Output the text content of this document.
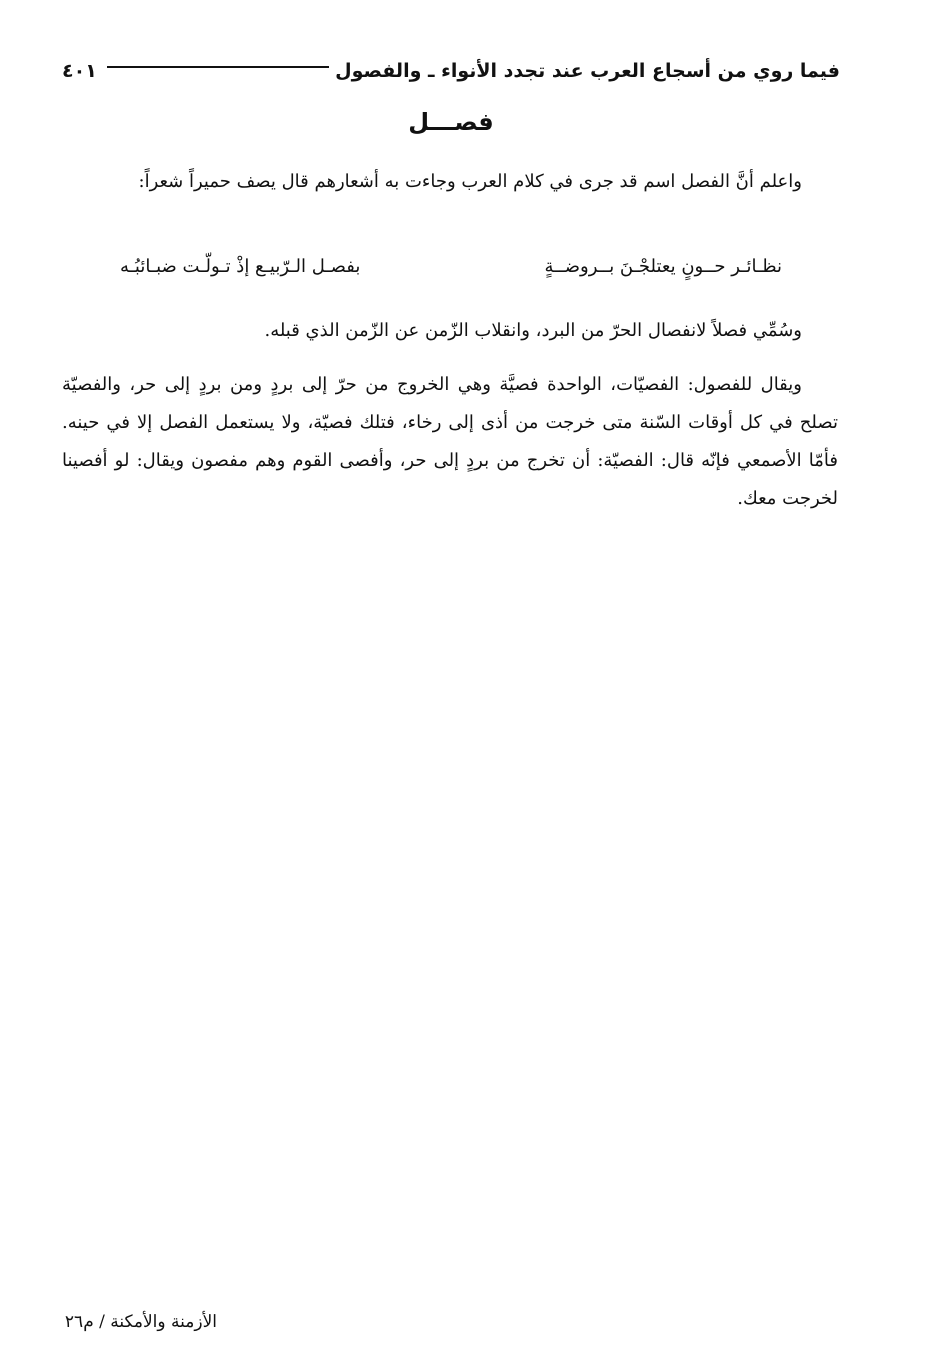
فيما روي من أسجاع العرب عند تجدد الأنواء ـ والفصول
٤٠١
فصـــل

واعلم أنَّ الفصل اسم قد جرى في كلام العرب وجاءت به أشعارهم قال يصف حميراً شعراً:

نظـائـر حــونٍ يعتلجْـنَ بــروضــةٍ
بفصـل الـرّبيـع إذْ تـولّـت ضبـائبُـه

وسُمِّي فصلاً لانفصال الحرّ من البرد، وانقلاب الزّمن عن الزّمن الذي قبله.

ويقال للفصول: الفصيّات، الواحدة فصيَّة وهي الخروج من حرّ إلى بردٍ ومن بردٍ إلى حر، والفصيّة تصلح في كل أوقات السّنة متى خرجت من أذى إلى رخاء، فتلك فصيّة، ولا يستعمل الفصل إلا في حينه. فأمّا الأصمعي فإنّه قال: الفصيّة: أن تخرج من بردٍ إلى حر، وأفصى القوم وهم مفصون ويقال: لو أفصينا لخرجت معك.

الأزمنة والأمكنة / م٢٦
